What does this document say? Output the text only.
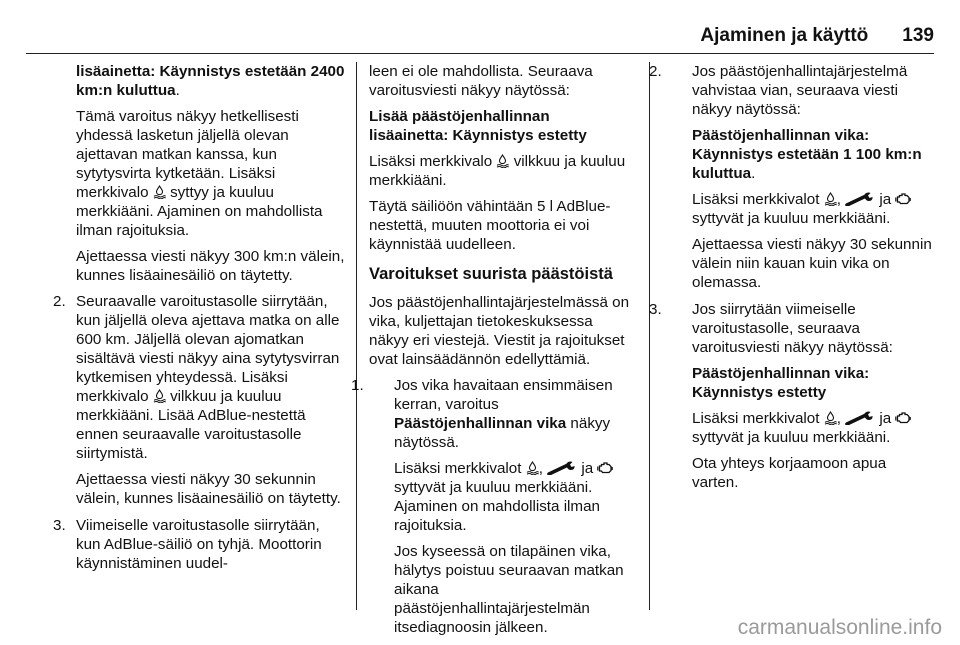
Ajaminen ja käyttö 139

lisäainetta: Käynnistys estetään 2400 km:n kuluttua.

Tämä varoitus näkyy hetkellisesti yhdessä lasketun jäljellä olevan ajettavan matkan kanssa, kun sytytysvirta kytketään. Lisäksi merkkivalo syttyy ja kuuluu merkkiääni. Ajaminen on mahdollista ilman rajoituksia.

Ajettaessa viesti näkyy 300 km:n välein, kunnes lisäainesäiliö on täytetty.

2. Seuraavalle varoitustasolle siirrytään, kun jäljellä oleva ajettava matka on alle 600 km. Jäljellä olevan ajomatkan sisältävä viesti näkyy aina sytytysvirran kytkemisen yhteydessä. Lisäksi merkkivalo vilkkuu ja kuuluu merkkiääni. Lisää AdBlue-nestettä ennen seuraavalle varoitustasolle siirtymistä.

Ajettaessa viesti näkyy 30 sekunnin välein, kunnes lisäainesäiliö on täytetty.

3. Viimeiselle varoitustasolle siirrytään, kun AdBlue-säiliö on tyhjä. Moottorin käynnistäminen uudel-

leen ei ole mahdollista. Seuraava varoitusviesti näkyy näytössä:

Lisää päästöjenhallinnan lisäainetta: Käynnistys estetty

Lisäksi merkkivalo vilkkuu ja kuuluu merkkiääni.

Täytä säiliöön vähintään 5 l AdBlue-nestettä, muuten moottoria ei voi käynnistää uudelleen.

Varoitukset suurista päästöistä

Jos päästöjenhallintajärjestelmässä on vika, kuljettajan tietokeskuksessa näkyy eri viestejä. Viestit ja rajoitukset ovat lainsäädännön edellyttämiä.

1. Jos vika havaitaan ensimmäisen kerran, varoitus Päästöjenhallinnan vika näkyy näytössä.

Lisäksi merkkivalot ,	ja  syttyvät ja kuuluu merkkiääni. Ajaminen on mahdollista ilman rajoituksia.

Jos kyseessä on tilapäinen vika, hälytys poistuu seuraavan matkan aikana päästöjenhallintajärjestelmän itsediagnoosin jälkeen.

2. Jos päästöjenhallintajärjestelmä vahvistaa vian, seuraava viesti näkyy näytössä:

Päästöjenhallinnan vika: Käynnistys estetään 1 100 km:n kuluttua.

Lisäksi merkkivalot ,	ja  syttyvät ja kuuluu merkkiääni.

Ajettaessa viesti näkyy 30 sekunnin välein niin kauan kuin vika on olemassa.

3. Jos siirrytään viimeiselle varoitustasolle, seuraava varoitusviesti näkyy näytössä:

Päästöjenhallinnan vika: Käynnistys estetty

Lisäksi merkkivalot ,	ja  syttyvät ja kuuluu merkkiääni.

Ota yhteys korjaamoon apua varten.

carmanualsonline.info
